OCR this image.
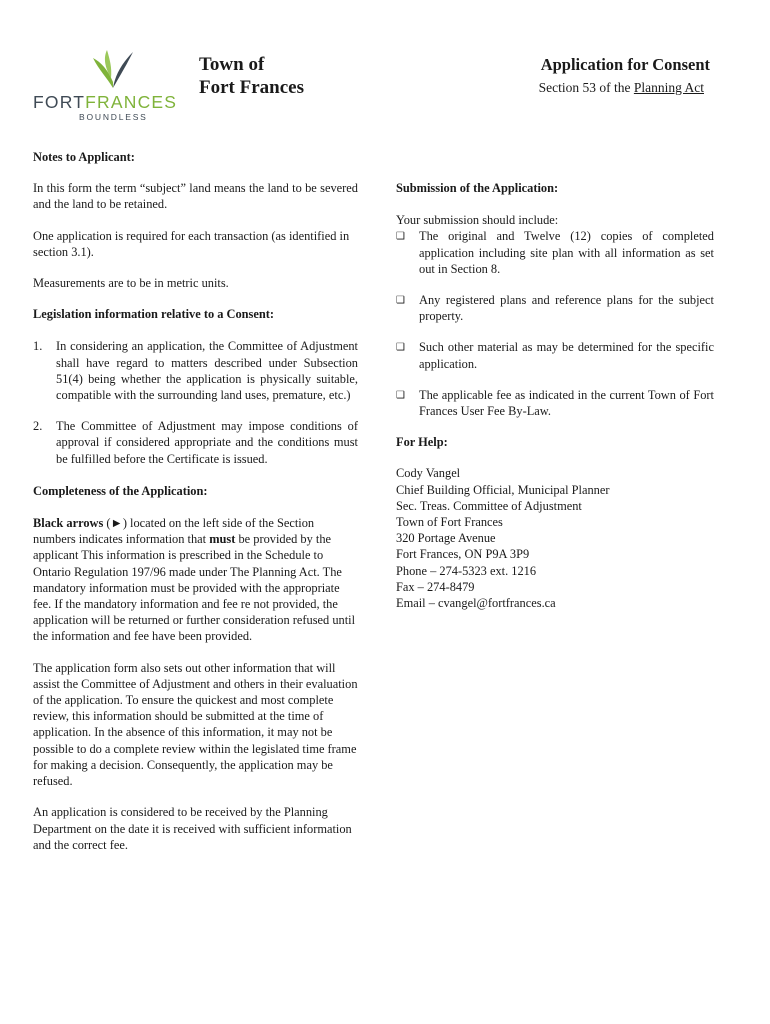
FORTFRANCES
BOUNDLESS
Town of
Fort Frances
Application for Consent
Section 53 of the Planning Act

Notes to Applicant:

In this form the term “subject” land means the land to be severed and the land to be retained.

One application is required for each transaction (as identified in section 3.1).

Measurements are to be in metric units.

Legislation information relative to a Consent:

1.	In considering an application, the Committee of Adjustment shall have regard to matters described under Subsection 51(4) being whether the application is physically suitable, compatible with the surrounding land uses, premature, etc.)
2.	The Committee of Adjustment may impose conditions of approval if considered appropriate and the conditions must be fulfilled before the Certificate is issued.

Completeness of the Application:

Black arrows (►) located on the left side of the Section numbers indicates information that must be provided by the applicant This information is prescribed in the Schedule to Ontario Regulation 197/96 made under The Planning Act. The mandatory information must be provided with the appropriate fee. If the mandatory information and fee re not provided, the application will be returned or further consideration refused until the information and fee have been provided.

The application form also sets out other information that will assist the Committee of Adjustment and others in their evaluation of the application. To ensure the quickest and most complete review, this information should be submitted at the time of application. In the absence of this information, it may not be possible to do a complete review within the legislated time frame for making a decision. Consequently, the application may be refused.

An application is considered to be received by the Planning Department on the date it is received with sufficient information and the correct fee.

Submission of the Application:

Your submission should include:

❑	The original and Twelve (12) copies of completed application including site plan with all information as set out in Section 8.
❑	Any registered plans and reference plans for the subject property.
❑	Such other material as may be determined for the specific application.
❑	The applicable fee as indicated in the current Town of Fort Frances User Fee By-Law.

For Help:

Cody Vangel
Chief Building Official, Municipal Planner
Sec. Treas. Committee of Adjustment
Town of Fort Frances
320 Portage Avenue
Fort Frances, ON P9A 3P9
Phone – 274-5323 ext. 1216
Fax – 274-8479
Email – cvangel@fortfrances.ca
